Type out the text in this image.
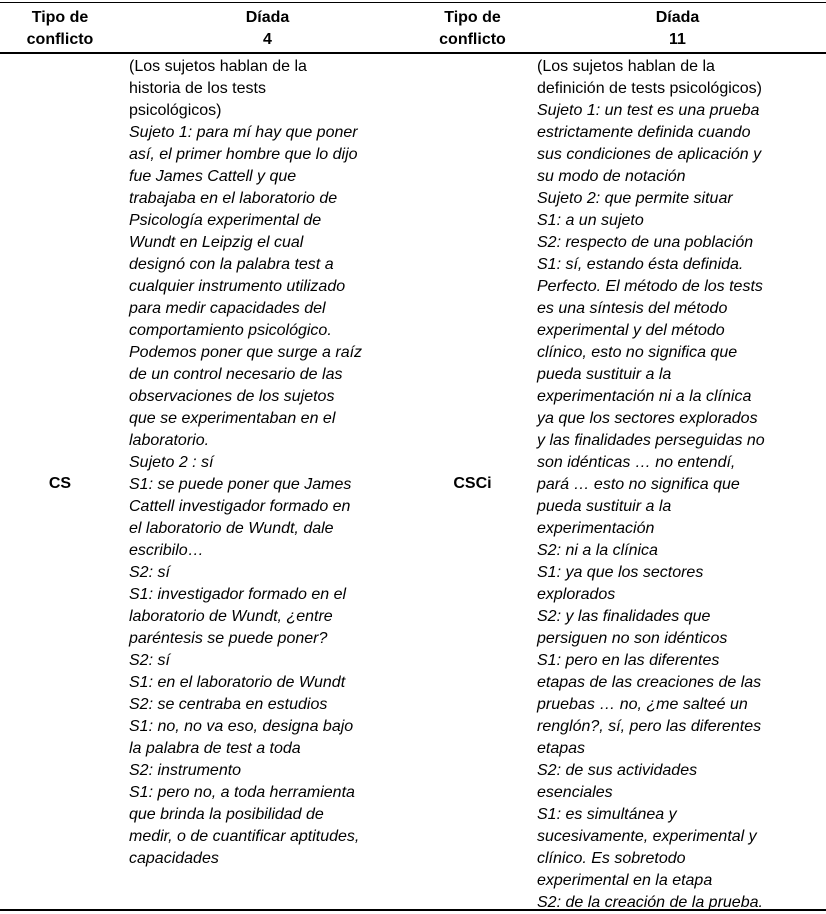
Tipo de
conflicto
Díada
4
Tipo de
conflicto
Díada
11
CS	CSCi
(Los sujetos hablan de la
historia de los tests
psicológicos)
Sujeto 1: para mí hay que poner
así, el primer hombre que lo dijo
fue James Cattell y que
trabajaba en el laboratorio de
Psicología experimental de
Wundt en Leipzig el cual
designó con la palabra test a
cualquier instrumento utilizado
para medir capacidades del
comportamiento psicológico.
Podemos poner que surge a raíz
de un control necesario de las
observaciones de los sujetos
que se experimentaban en el
laboratorio.
Sujeto 2 : sí
S1: se puede poner que James
Cattell investigador formado en
el laboratorio de Wundt, dale
escribilo…
S2: sí
S1: investigador formado en el
laboratorio de Wundt, ¿entre
paréntesis se puede poner?
S2: sí
S1: en el laboratorio de Wundt
S2: se centraba en estudios
S1: no, no va eso, designa bajo
la palabra de test a toda
S2: instrumento
S1: pero no, a toda herramienta
que brinda la posibilidad de
medir, o de cuantificar aptitudes,
capacidades
(Los sujetos hablan de la
definición de tests psicológicos)
Sujeto 1: un test es una prueba
estrictamente definida cuando
sus condiciones de aplicación y
su modo de notación
Sujeto 2: que permite situar
S1: a un sujeto
S2: respecto de una población
S1: sí, estando ésta definida.
Perfecto. El método de los tests
es una síntesis del método
experimental y del método
clínico, esto no significa que
pueda sustituir a la
experimentación ni a la clínica
ya que los sectores explorados
y las finalidades perseguidas no
son idénticas … no entendí,
pará … esto no significa que
pueda sustituir a la
experimentación
S2: ni a la clínica
S1: ya que los sectores
explorados
S2: y las finalidades que
persiguen no son idénticos
S1: pero en las diferentes
etapas de las creaciones de las
pruebas … no, ¿me salteé un
renglón?, sí, pero las diferentes
etapas
S2: de sus actividades
esenciales
S1: es simultánea y
sucesivamente, experimental y
clínico. Es sobretodo
experimental en la etapa
S2: de la creación de la prueba.
